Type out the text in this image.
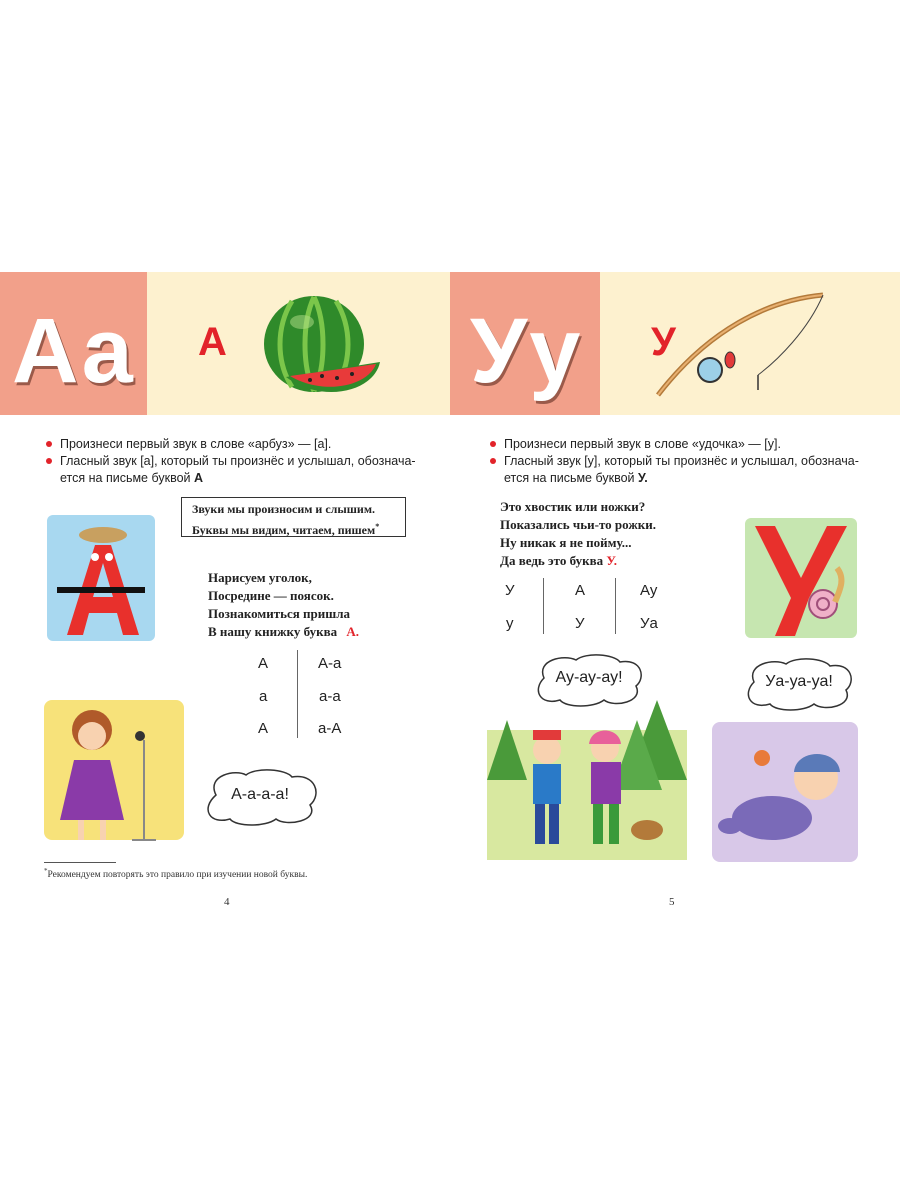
Аа А	Уу У
Произнеси первый звук в слове «арбуз» — [а].
Гласный звук [а], который ты произнёс и услышал, обознача-
ется на письме буквой А
Звуки мы произносим и слышим.
Буквы мы видим, читаем, пишем*
Нарисуем уголок,
Посредине — поясок.
Познакомиться пришла
В нашу книжку буква А.
А	А-а
а	а-а
А	а-А
А-а-а-а!
*Рекомендуем повторять это правило при изучении новой буквы.
4
Произнеси первый звук в слове «удочка» — [у].
Гласный звук [у], который ты произнёс и услышал, обознача-
ется на письме буквой У.
Это хвостик или ножки?
Показались чьи-то рожки.
Ну никак я не пойму...
Да ведь это буква У.
У	А	Ау
у	У	Уа
Ау-ау-ау!	Уа-уа-уа!
5
